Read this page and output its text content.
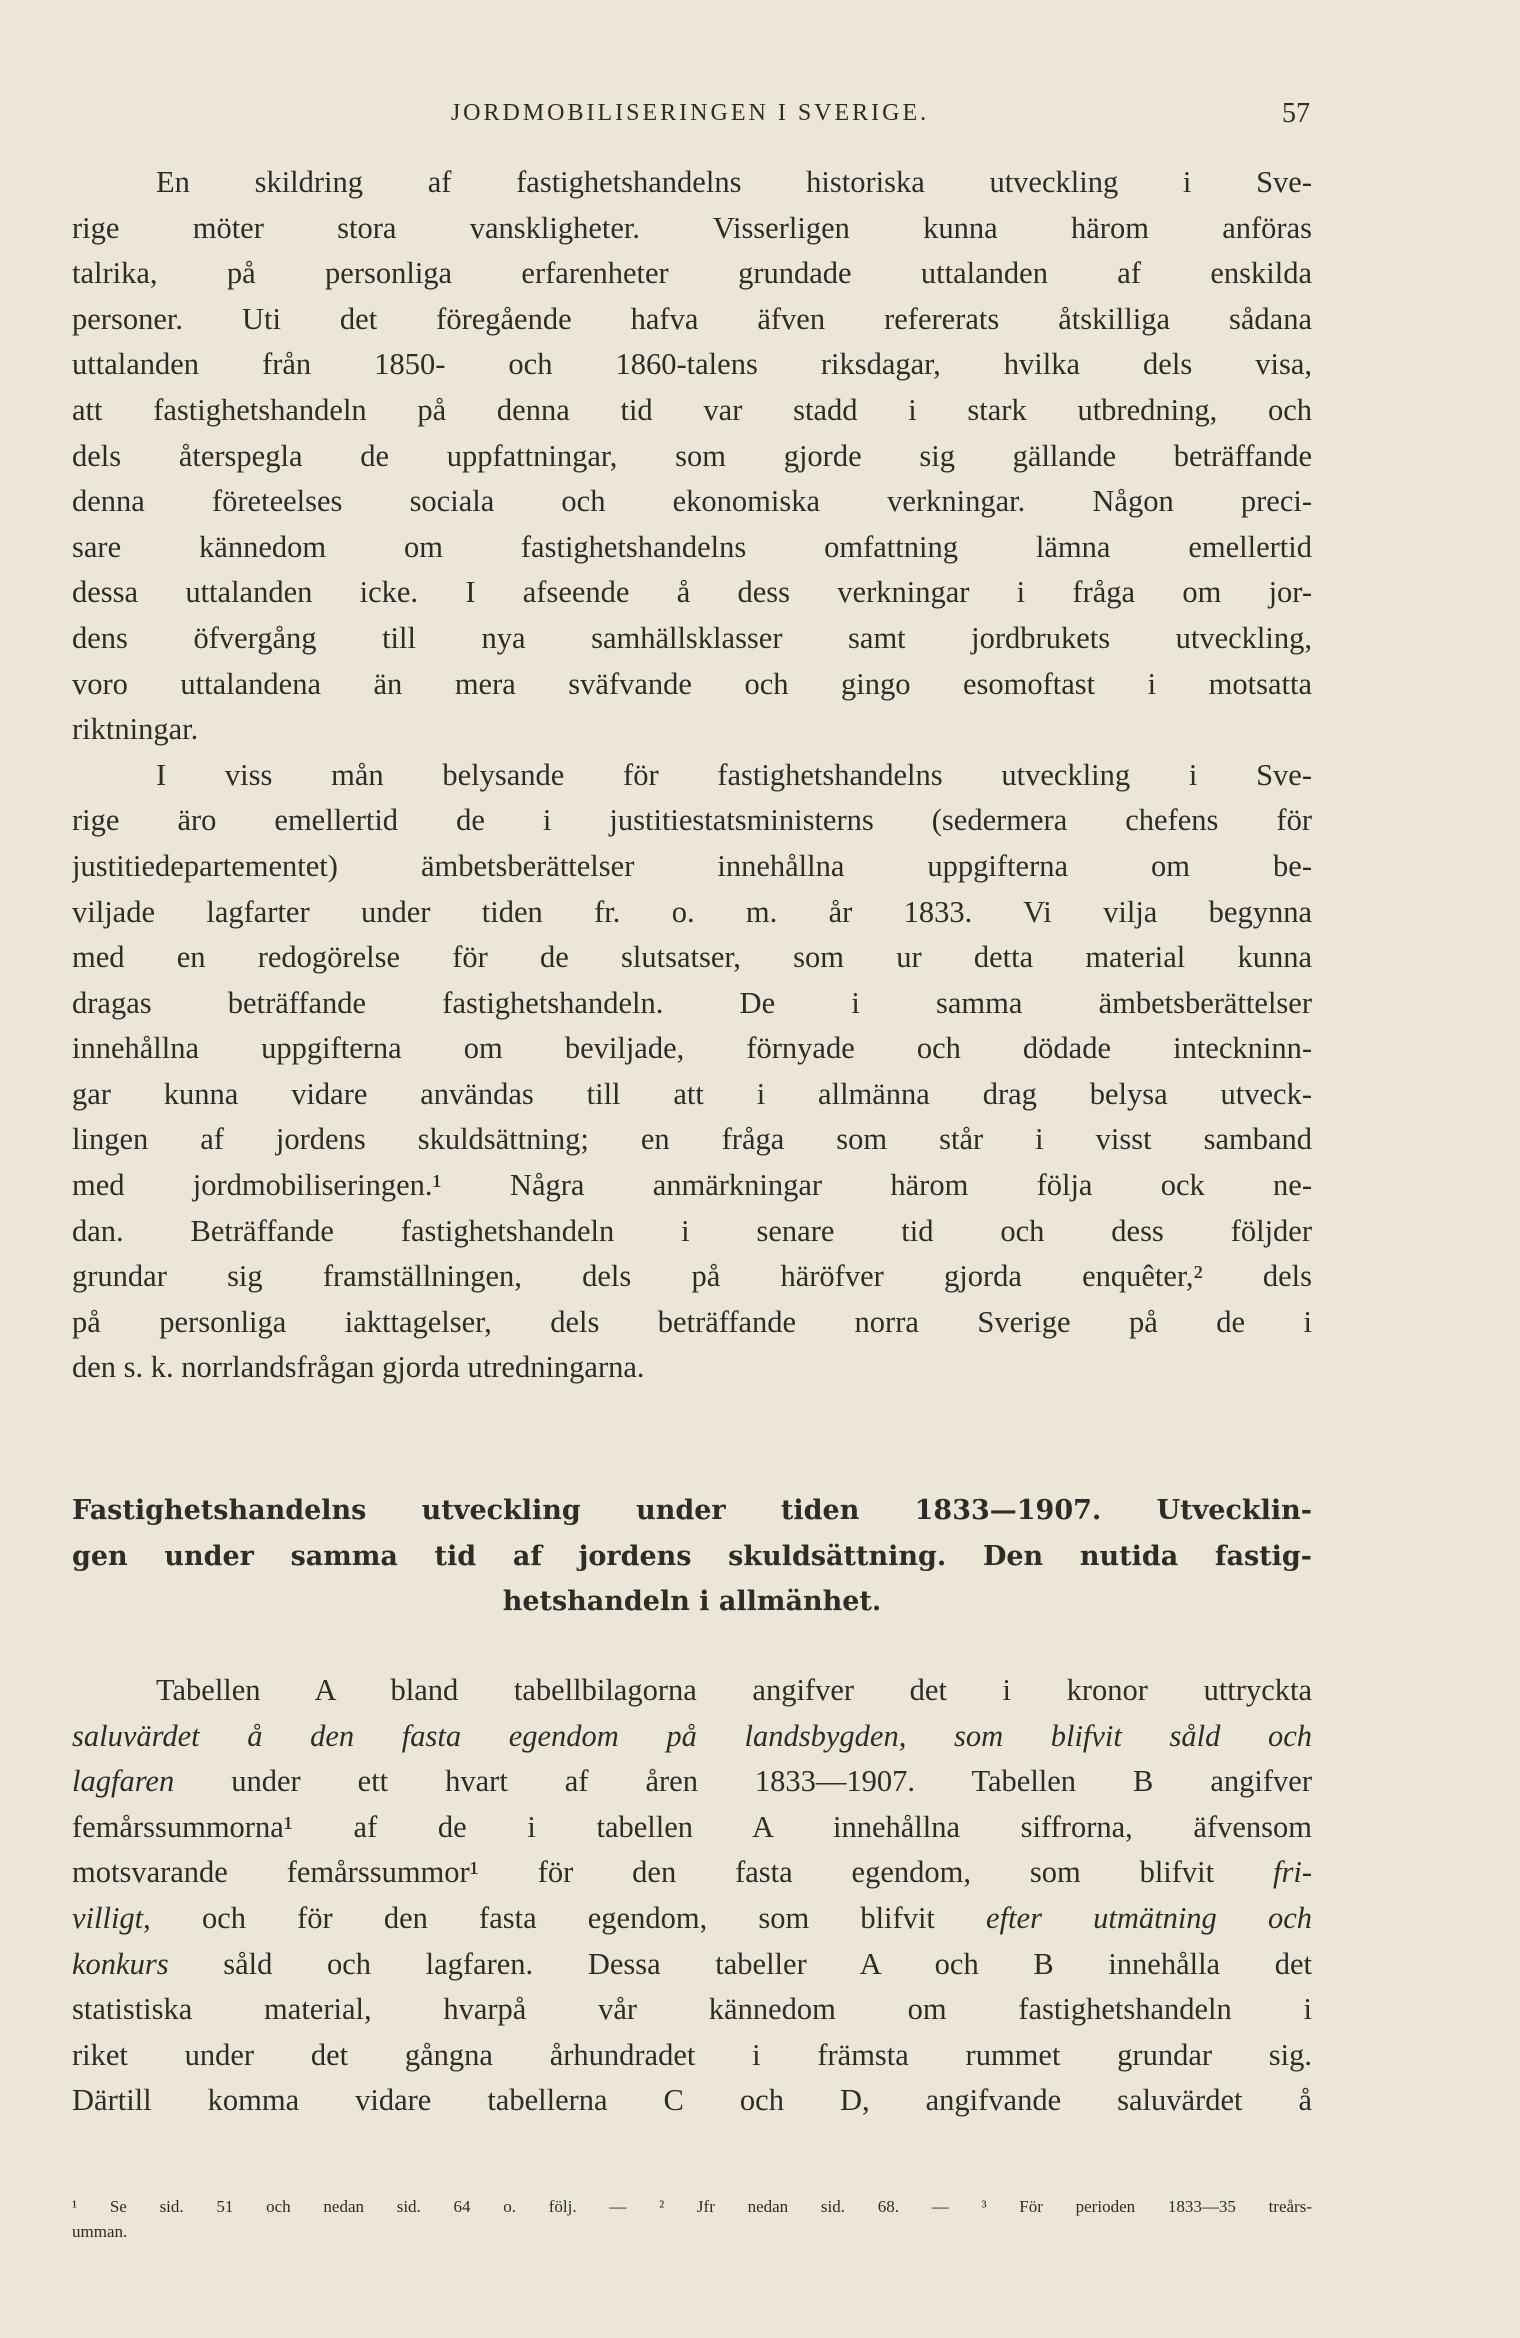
JORDMOBILISERINGEN I SVERIGE.	57
En skildring af fastighetshandelns historiska utveckling i Sve-
rige möter stora vanskligheter. Visserligen kunna härom anföras
talrika, på personliga erfarenheter grundade uttalanden af enskilda
personer. Uti det föregående hafva äfven refererats åtskilliga sådana
uttalanden från 1850- och 1860-talens riksdagar, hvilka dels visa,
att fastighetshandeln på denna tid var stadd i stark utbredning, och
dels återspegla de uppfattningar, som gjorde sig gällande beträffande
denna företeelses sociala och ekonomiska verkningar. Någon preci-
sare kännedom om fastighetshandelns omfattning lämna emellertid
dessa uttalanden icke. I afseende å dess verkningar i fråga om jor-
dens öfvergång till nya samhällsklasser samt jordbrukets utveckling,
voro uttalandena än mera sväfvande och gingo esomoftast i motsatta
riktningar.
I viss mån belysande för fastighetshandelns utveckling i Sve-
rige äro emellertid de i justitiestatsministerns (sedermera chefens för
justitiedepartementet) ämbetsberättelser innehållna uppgifterna om be-
viljade lagfarter under tiden fr. o. m. år 1833. Vi vilja begynna
med en redogörelse för de slutsatser, som ur detta material kunna
dragas beträffande fastighetshandeln. De i samma ämbetsberättelser
innehållna uppgifterna om beviljade, förnyade och dödade inteckninn-
gar kunna vidare användas till att i allmänna drag belysa utveck-
lingen af jordens skuldsättning; en fråga som står i visst samband
med jordmobiliseringen.¹ Några anmärkningar härom följa ock ne-
dan. Beträffande fastighetshandeln i senare tid och dess följder
grundar sig framställningen, dels på häröfver gjorda enquêter,² dels
på personliga iakttagelser, dels beträffande norra Sverige på de i
den s. k. norrlandsfrågan gjorda utredningarna.
Fastighetshandelns utveckling under tiden 1833—1907. Utvecklin-
gen under samma tid af jordens skuldsättning. Den nutida fastig-
hetshandeln i allmänhet.
Tabellen A bland tabellbilagorna angifver det i kronor uttryckta
saluvärdet å den fasta egendom på landsbygden, som blifvit såld och
lagfaren under ett hvart af åren 1833—1907. Tabellen B angifver
femårssummorna¹ af de i tabellen A innehållna siffrorna, äfvensom
motsvarande femårssummor¹ för den fasta egendom, som blifvit fri-
villigt, och för den fasta egendom, som blifvit efter utmätning och
konkurs såld och lagfaren. Dessa tabeller A och B innehålla det
statistiska material, hvarpå vår kännedom om fastighetshandeln i
riket under det gångna århundradet i främsta rummet grundar sig.
Därtill komma vidare tabellerna C och D, angifvande saluvärdet å
¹ Se sid. 51 och nedan sid. 64 o. följ. — ² Jfr nedan sid. 68. — ³ För perioden 1833—35 treårs-
umman.
